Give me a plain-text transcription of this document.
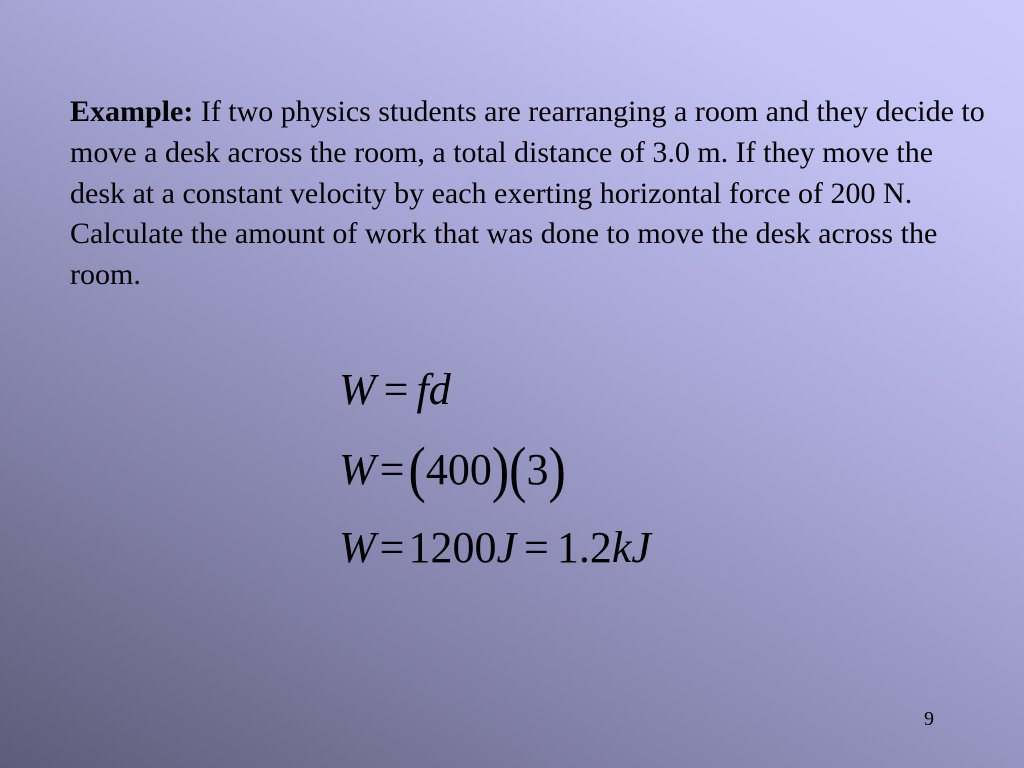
Example: If two physics students are rearranging a room and they decide to move a desk across the room, a total distance of 3.0 m. If they move the desk at a constant velocity by each exerting horizontal force of 200 N. Calculate the amount of work that was done to move the desk across the room.

W = fd
W=(400)(3)
W=1200J = 1.2kJ
9
